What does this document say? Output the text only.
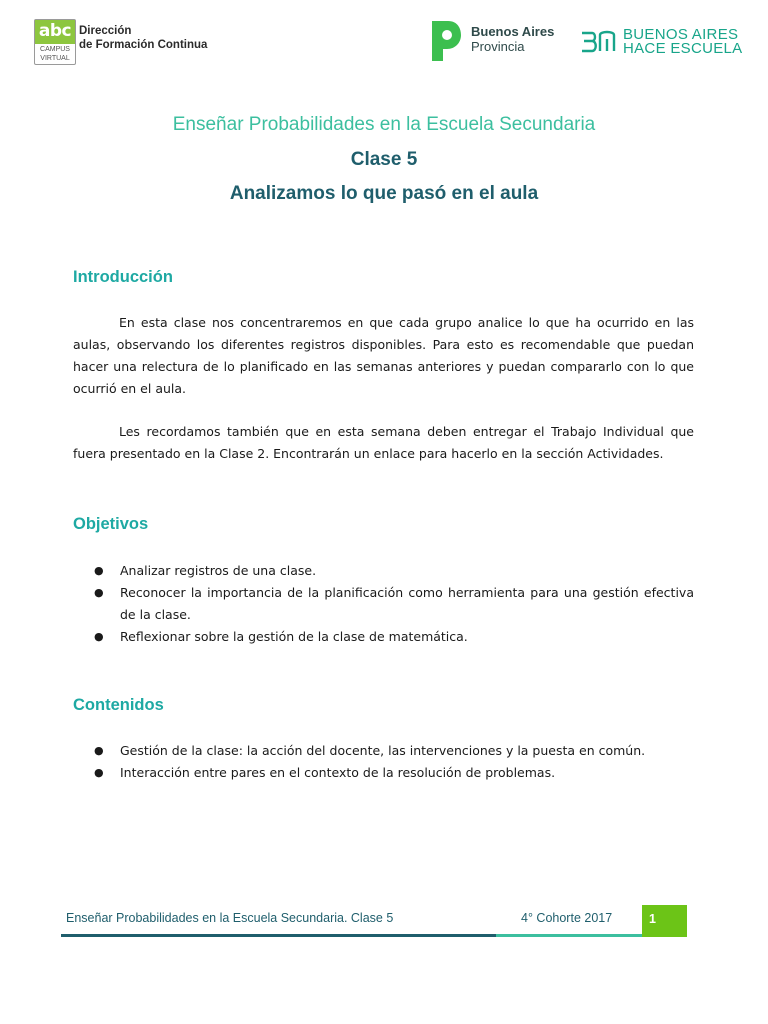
abc
CAMPUS
VIRTUAL
Dirección
de Formación Continua
Buenos Aires
Provincia
BUENOS AIRES
HACE ESCUELA
Enseñar Probabilidades en la Escuela Secundaria
Clase 5
Analizamos lo que pasó en el aula
Introducción
En esta clase nos concentraremos en que cada grupo analice lo que ha ocurrido en las aulas, observando los diferentes registros disponibles. Para esto es recomendable que puedan hacer una relectura de lo planificado en las semanas anteriores y puedan compararlo con lo que ocurrió en el aula.
Les recordamos también que en esta semana deben entregar el Trabajo Individual que fuera presentado en la Clase 2. Encontrarán un enlace para hacerlo en la sección Actividades.
Objetivos
● Analizar registros de una clase.
● Reconocer la importancia de la planificación como herramienta para una gestión efectiva de la clase.
● Reflexionar sobre la gestión de la clase de matemática.
Contenidos
● Gestión de la clase: la acción del docente, las intervenciones y la puesta en común.
● Interacción entre pares en el contexto de la resolución de problemas.
Enseñar Probabilidades en la Escuela Secundaria. Clase 5	4° Cohorte 2017	1
